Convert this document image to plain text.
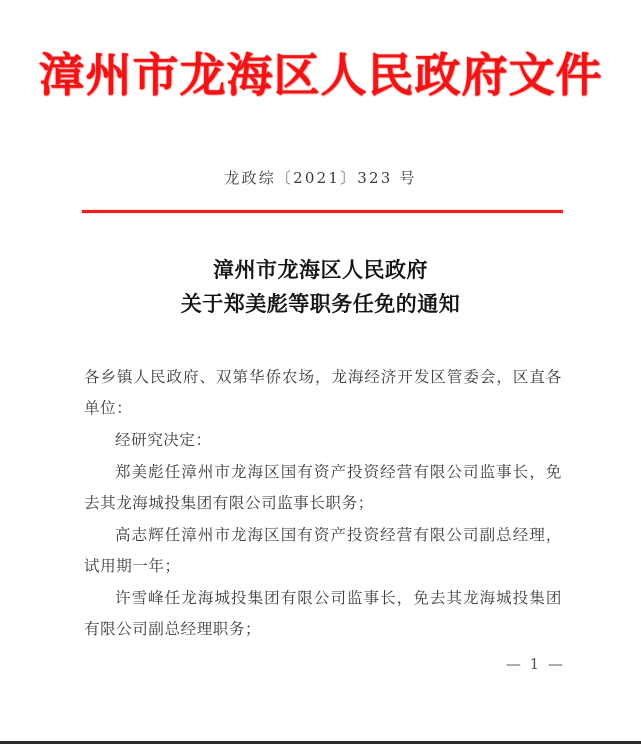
漳州市龙海区人民政府文件
龙政综〔2021〕323 号
漳州市龙海区人民政府
关于郑美彪等职务任免的通知

各乡镇人民政府、双第华侨农场，龙海经济开发区管委会，区直各单位：

经研究决定：

郑美彪任漳州市龙海区国有资产投资经营有限公司监事长，免去其龙海城投集团有限公司监事长职务；

高志辉任漳州市龙海区国有资产投资经营有限公司副总经理，试用期一年；

许雪峰任龙海城投集团有限公司监事长，免去其龙海城投集团有限公司副总经理职务；

— 1 —
